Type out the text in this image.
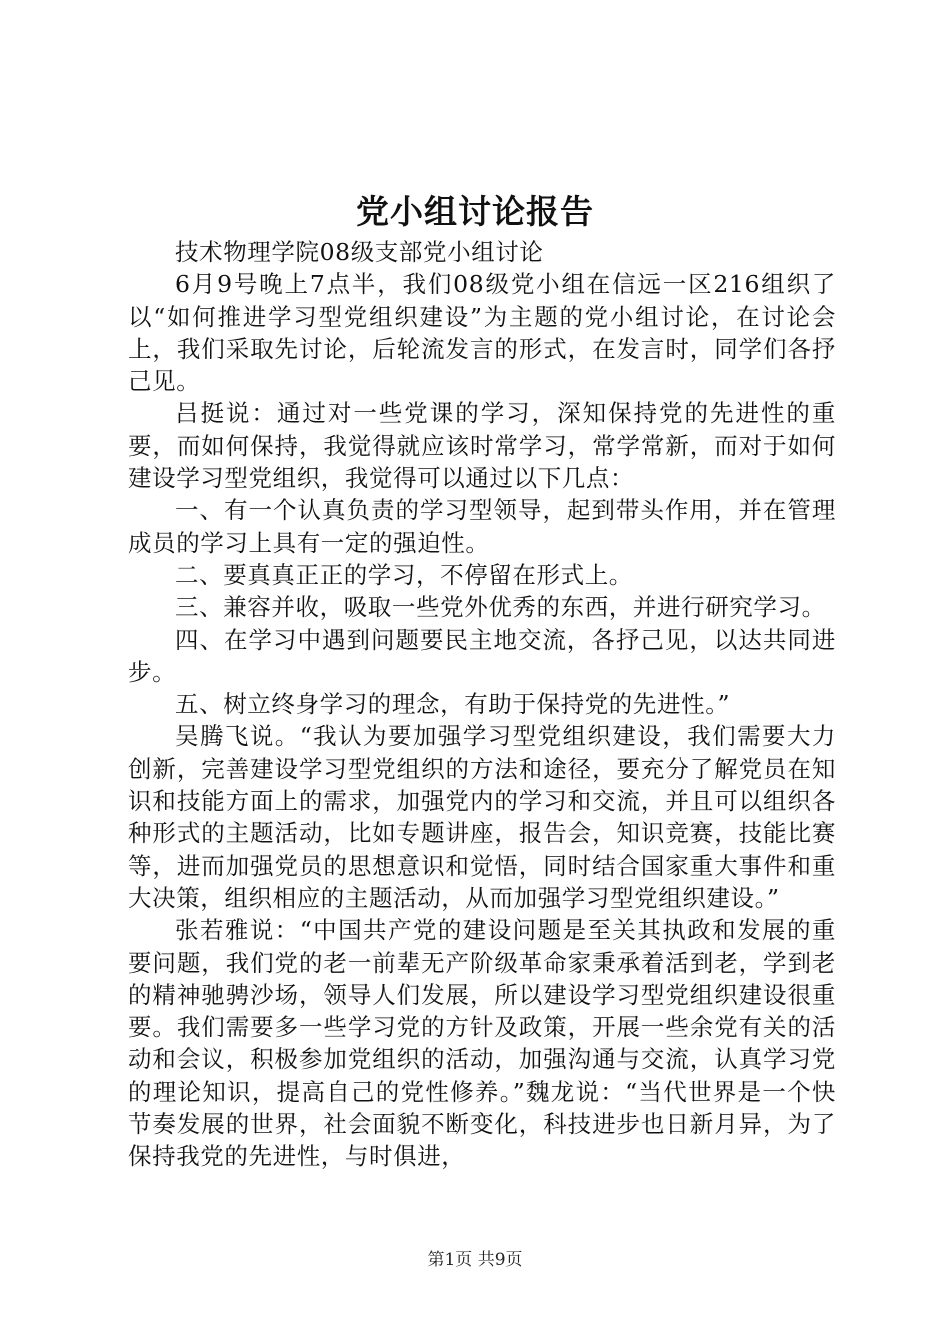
党小组讨论报告

技术物理学院08级支部党小组讨论

6月9号晚上7点半，我们08级党小组在信远一区216组织了以“如何推进学习型党组织建设”为主题的党小组讨论，在讨论会上，我们采取先讨论，后轮流发言的形式，在发言时，同学们各抒己见。

吕挺说：通过对一些党课的学习，深知保持党的先进性的重要，而如何保持，我觉得就应该时常学习，常学常新，而对于如何建设学习型党组织，我觉得可以通过以下几点：

一、有一个认真负责的学习型领导，起到带头作用，并在管理成员的学习上具有一定的强迫性。

二、要真真正正的学习，不停留在形式上。

三、兼容并收，吸取一些党外优秀的东西，并进行研究学习。

四、在学习中遇到问题要民主地交流，各抒己见，以达共同进步。

五、树立终身学习的理念，有助于保持党的先进性。”

吴腾飞说。“我认为要加强学习型党组织建设，我们需要大力创新，完善建设学习型党组织的方法和途径，要充分了解党员在知识和技能方面上的需求，加强党内的学习和交流，并且可以组织各种形式的主题活动，比如专题讲座，报告会，知识竞赛，技能比赛等，进而加强党员的思想意识和觉悟，同时结合国家重大事件和重大决策，组织相应的主题活动，从而加强学习型党组织建设。”

张若雅说：“中国共产党的建设问题是至关其执政和发展的重要问题，我们党的老一前辈无产阶级革命家秉承着活到老，学到老的精神驰骋沙场，领导人们发展，所以建设学习型党组织建设很重要。我们需要多一些学习党的方针及政策，开展一些余党有关的活动和会议，积极参加党组织的活动，加强沟通与交流，认真学习党的理论知识，提高自己的党性修养。”魏龙说：“当代世界是一个快节奏发展的世界，社会面貌不断变化，科技进步也日新月异，为了保持我党的先进性，与时俱进，

第1页 共9页
